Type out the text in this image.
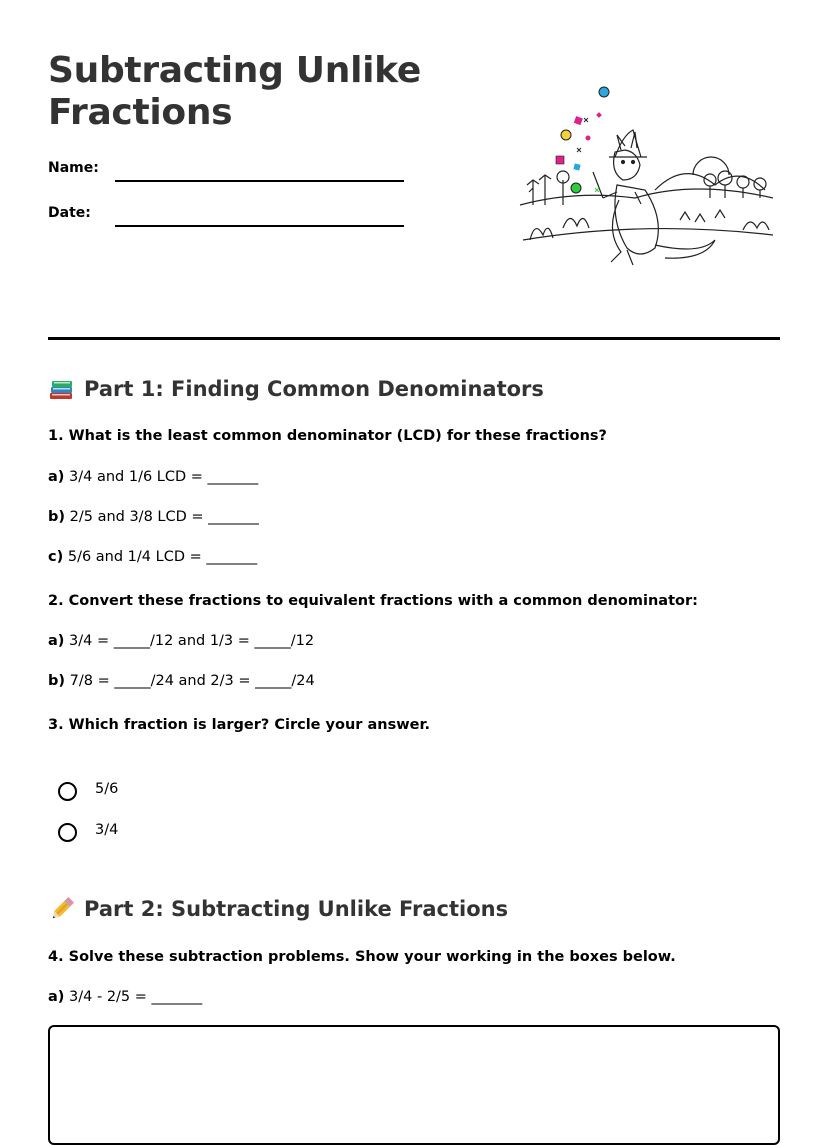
Subtracting Unlike Fractions
Name:
Date:
Part 1: Finding Common Denominators
1. What is the least common denominator (LCD) for these fractions?
a) 3/4 and 1/6 LCD = _______
b) 2/5 and 3/8 LCD = _______
c) 5/6 and 1/4 LCD = _______
2. Convert these fractions to equivalent fractions with a common denominator:
a) 3/4 = _____/12 and 1/3 = _____/12
b) 7/8 = _____/24 and 2/3 = _____/24
3. Which fraction is larger? Circle your answer.
5/6
3/4
Part 2: Subtracting Unlike Fractions
4. Solve these subtraction problems. Show your working in the boxes below.
a) 3/4 - 2/5 = _______
